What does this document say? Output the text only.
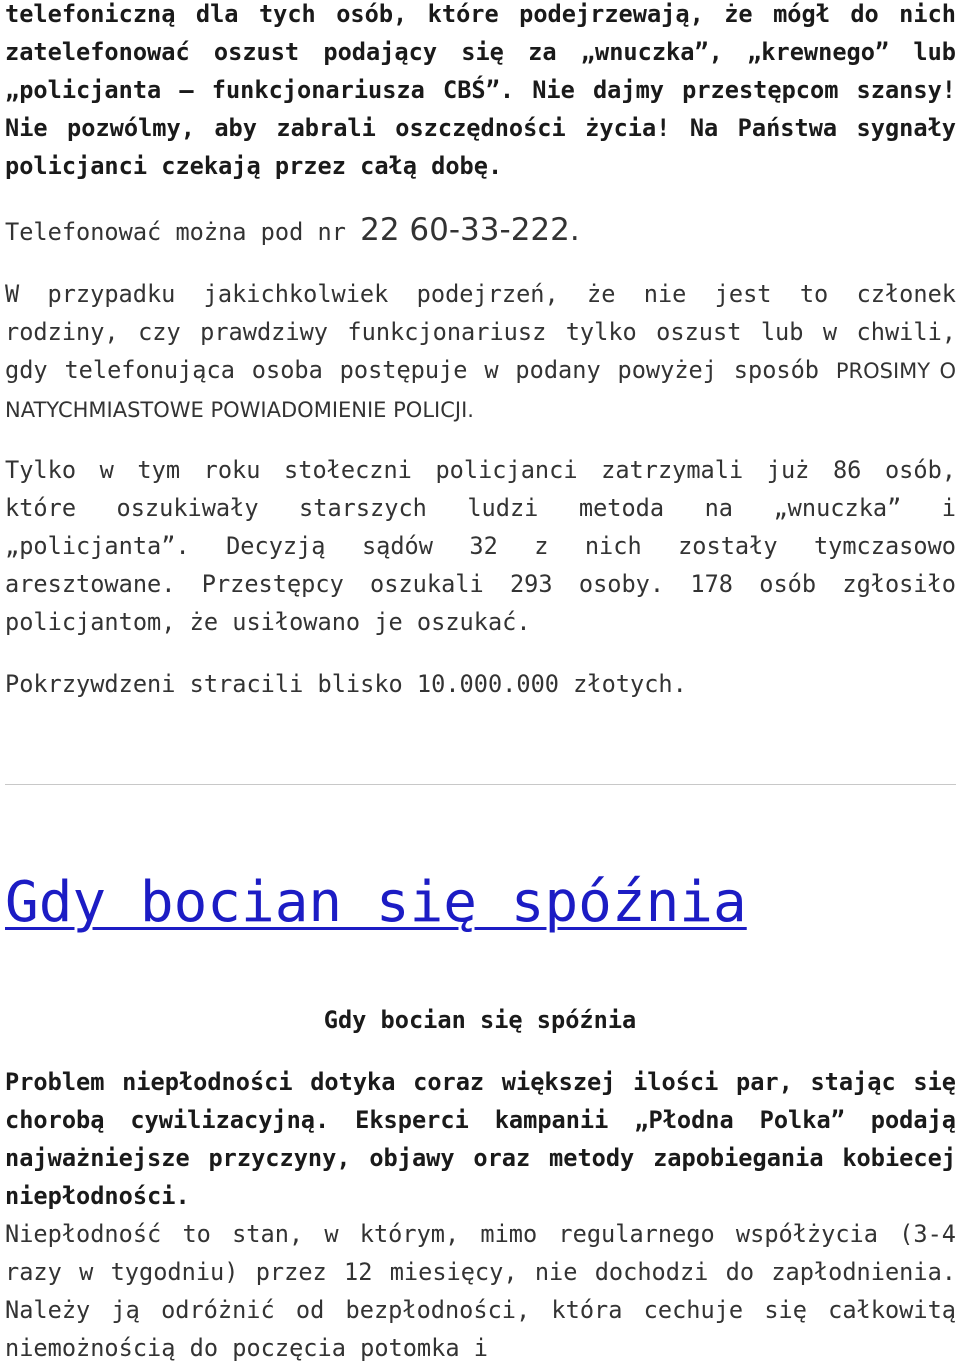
telefoniczną dla tych osób, które podejrzewają, że mógł do nich zatelefonować oszust podający się za „wnuczka”, „krewnego” lub „policjanta – funkcjonariusza CBŚ”. Nie dajmy przestępcom szansy! Nie pozwólmy, aby zabrali oszczędności życia! Na Państwa sygnały policjanci czekają przez całą dobę.

Telefonować można pod nr 22 60-33-222.

W przypadku jakichkolwiek podejrzeń, że nie jest to członek rodziny, czy prawdziwy funkcjonariusz tylko oszust lub w chwili, gdy telefonująca osoba postępuje w podany powyżej sposób PROSIMY O NATYCHMIASTOWE POWIADOMIENIE POLICJI.

Tylko w tym roku stołeczni policjanci zatrzymali już 86 osób, które oszukiwały starszych ludzi metoda na „wnuczka” i „policjanta”. Decyzją sądów 32 z nich zostały tymczasowo aresztowane. Przestępcy oszukali 293 osoby. 178 osób zgłosiło policjantom, że usiłowano je oszukać.

Pokrzywdzeni stracili blisko 10.000.000 złotych.

Gdy bocian się spóźnia
Gdy bocian się spóźnia

Problem niepłodności dotyka coraz większej ilości par, stając się chorobą cywilizacyjną. Eksperci kampanii „Płodna Polka” podają najważniejsze przyczyny, objawy oraz metody zapobiegania kobiecej niepłodności.

Niepłodność to stan, w którym, mimo regularnego współżycia (3-4 razy w tygodniu) przez 12 miesięcy, nie dochodzi do zapłodnienia. Należy ją odróżnić od bezpłodności, która cechuje się całkowitą niemożnością do poczęcia potomka i
